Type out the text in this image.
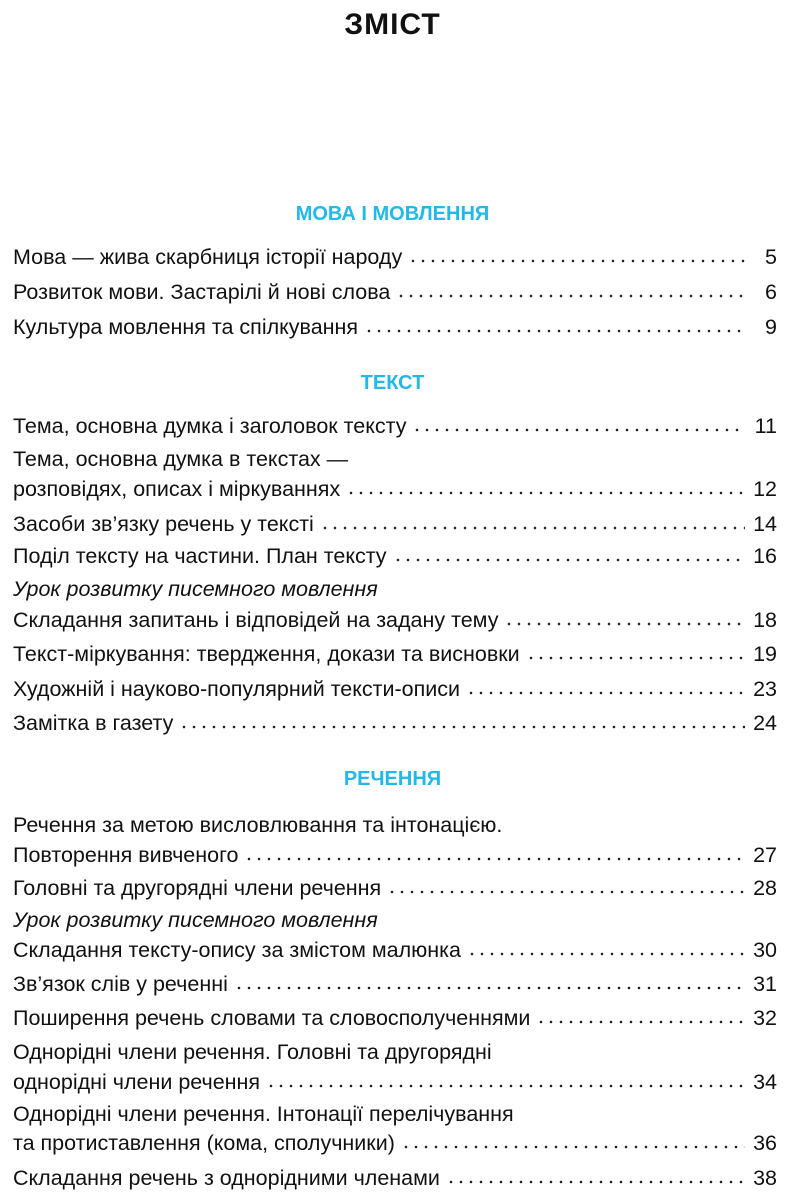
ЗМІСТ
МОВА І МОВЛЕННЯ
Мова — жива скарбниця історії народу	5
Розвиток мови. Застарілі й нові слова	6
Культура мовлення та спілкування	9
ТЕКСТ
Тема, основна думка і заголовок тексту	11
Тема, основна думка в текстах —
розповідях, описах і міркуваннях	12
Засоби зв’язку речень у тексті	14
Поділ тексту на частини. План тексту	16
Урок розвитку писемного мовлення
Складання запитань і відповідей на задану тему	18
Текст-міркування: твердження, докази та висновки	19
Художній і науково-популярний тексти-описи	23
Замітка в газету	24
РЕЧЕННЯ
Речення за метою висловлювання та інтонацією.
Повторення вивченого	27
Головні та другорядні члени речення	28
Урок розвитку писемного мовлення
Складання тексту-опису за змістом малюнка	30
Зв’язок слів у реченні	31
Поширення речень словами та словосполученнями	32
Однорідні члени речення. Головні та другорядні
однорідні члени речення	34
Однорідні члени речення. Інтонації перелічування
та протиставлення (кома, сполучники)	36
Складання речень з однорідними членами	38
